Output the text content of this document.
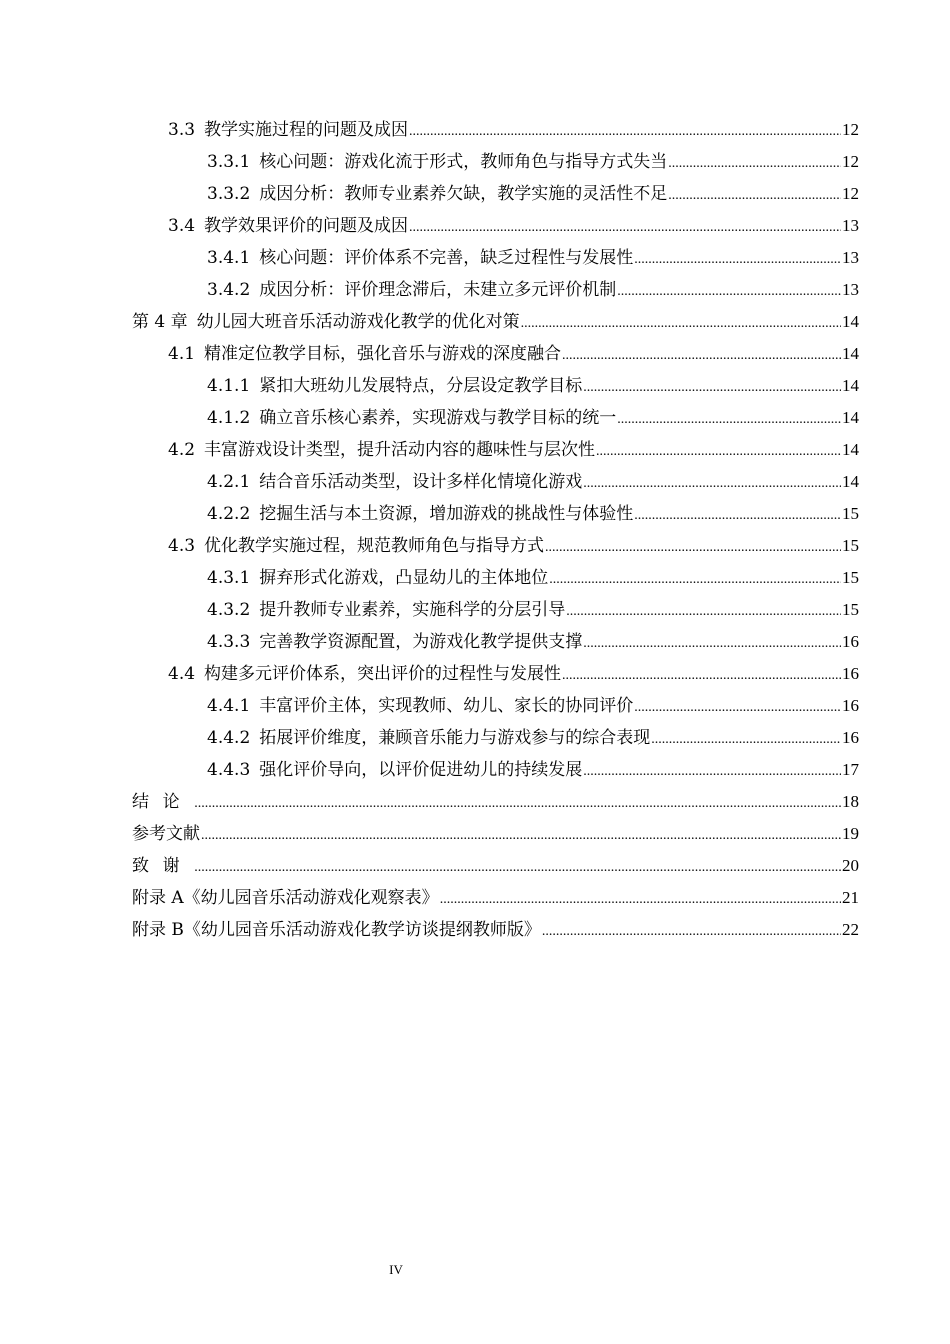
3.3 教学实施过程的问题及成因 .....	12
3.3.1 核心问题：游戏化流于形式，教师角色与指导方式失当 .....	12
3.3.2 成因分析：教师专业素养欠缺，教学实施的灵活性不足 .....	12
3.4 教学效果评价的问题及成因 .....	13
3.4.1 核心问题：评价体系不完善，缺乏过程性与发展性 .....	13
3.4.2 成因分析：评价理念滞后，未建立多元评价机制 .....	13
第 4 章 幼儿园大班音乐活动游戏化教学的优化对策 .....	14
4.1 精准定位教学目标，强化音乐与游戏的深度融合 .....	14
4.1.1 紧扣大班幼儿发展特点，分层设定教学目标 .....	14
4.1.2 确立音乐核心素养，实现游戏与教学目标的统一 .....	14
4.2 丰富游戏设计类型，提升活动内容的趣味性与层次性 .....	14
4.2.1 结合音乐活动类型，设计多样化情境化游戏 .....	14
4.2.2 挖掘生活与本土资源，增加游戏的挑战性与体验性 .....	15
4.3 优化教学实施过程，规范教师角色与指导方式 .....	15
4.3.1 摒弃形式化游戏，凸显幼儿的主体地位 .....	15
4.3.2 提升教师专业素养，实施科学的分层引导 .....	15
4.3.3 完善教学资源配置，为游戏化教学提供支撑 .....	16
4.4 构建多元评价体系，突出评价的过程性与发展性 .....	16
4.4.1 丰富评价主体，实现教师、幼儿、家长的协同评价 .....	16
4.4.2 拓展评价维度，兼顾音乐能力与游戏参与的综合表现 .....	16
4.4.3 强化评价导向，以评价促进幼儿的持续发展 .....	17
结论 .....	18
参考文献 .....	19
致谢 .....	20
附录 A《幼儿园音乐活动游戏化观察表》 .....	21
附录 B《幼儿园音乐活动游戏化教学访谈提纲教师版》 .....	22
IV
